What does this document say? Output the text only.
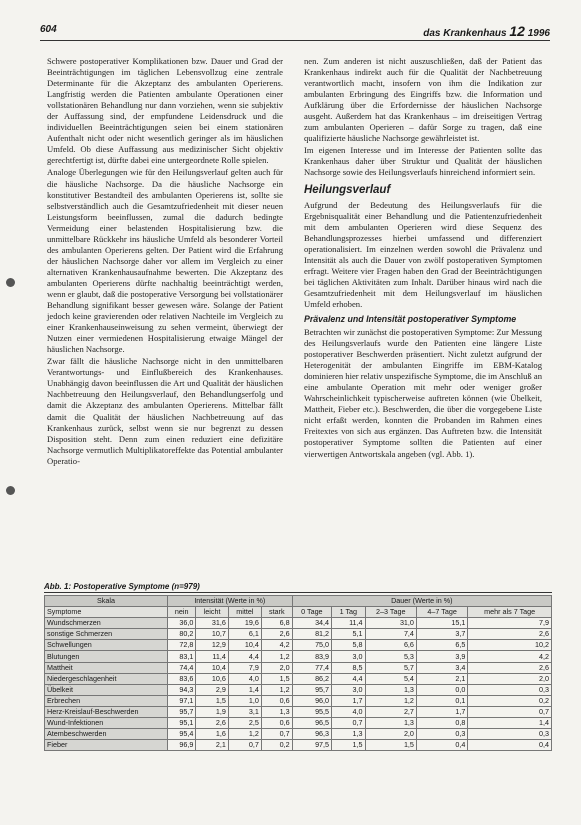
604	das Krankenhaus 12 1996

Schwere postoperativer Komplikationen bzw. Dauer und Grad der Beeinträchtigungen im täglichen Lebensvollzug eine zentrale Determinante für die Akzeptanz des ambulanten Operierens. Langfristig werden die Patienten ambulante Operationen einer vollstationären Behandlung nur dann vorziehen, wenn sie subjektiv der Auffassung sind, der empfundene Leidensdruck und die individuellen Beeinträchtigungen seien bei einem stationären Aufenthalt nicht oder nicht wesentlich geringer als im häuslichen Umfeld. Ob diese Auffassung aus medizinischer Sicht objektiv gerechtfertigt ist, dürfte dabei eine untergeordnete Rolle spielen.

Analoge Überlegungen wie für den Heilungsverlauf gelten auch für die häusliche Nachsorge. Da die häusliche Nachsorge ein konstitutiver Bestandteil des ambulanten Operierens ist, sollte sie selbstverständlich auch die Gesamtzufriedenheit mit dieser neuen Leistungsform beeinflussen, zumal die dadurch bedingte Vermeidung einer belastenden Hospitalisierung bzw. die unmittelbare Rückkehr ins häusliche Umfeld als besonderer Vorteil des ambulanten Operierens gelten. Der Patient wird die Erfahrung der häuslichen Nachsorge daher vor allem im Vergleich zu einer alternativen Krankenhausaufnahme bewerten. Die Akzeptanz des ambulanten Operierens dürfte nachhaltig beeinträchtigt werden, wenn er glaubt, daß die postoperative Versorgung bei vollstationärer Behandlung signifikant besser gewesen wäre. Solange der Patient jedoch keine gravierenden oder relativen Nachteile im Vergleich zu einer Krankenhauseinweisung zu sehen vermeint, überwiegt der Nutzen einer vermiedenen Hospitalisierung etwaige Mängel der häuslichen Nachsorge.

Zwar fällt die häusliche Nachsorge nicht in den unmittelbaren Verantwortungs- und Einflußbereich des Krankenhauses. Unabhängig davon beeinflussen die Art und Qualität der häuslichen Nachbetreuung den Heilungsverlauf, den Behandlungserfolg und damit die Akzeptanz des ambulanten Operierens. Mittelbar fällt damit die Qualität der häuslichen Nachbetreuung auf das Krankenhaus zurück, selbst wenn sie nur begrenzt zu dessen Disposition steht. Denn zum einen reduziert eine defizitäre Nachsorge vermutlich Multiplikatoreffekte das Potential ambulanter Operatio-

nen. Zum anderen ist nicht auszuschließen, daß der Patient das Krankenhaus indirekt auch für die Qualität der Nachbetreuung verantwortlich macht, insofern von ihm die Indikation zur ambulanten Erbringung des Eingriffs bzw. die Information und Aufklärung über die Erfordernisse der häuslichen Nachsorge ausgeht. Außerdem hat das Krankenhaus – im dreiseitigen Vertrag zum ambulanten Operieren – dafür Sorge zu tragen, daß eine qualifizierte häusliche Nachsorge gewährleistet ist.

Im eigenen Interesse und im Interesse der Patienten sollte das Krankenhaus daher über Struktur und Qualität der häuslichen Nachsorge sowie des Heilungsverlaufs hinreichend informiert sein.

Heilungsverlauf

Aufgrund der Bedeutung des Heilungsverlaufs für die Ergebnisqualität einer Behandlung und die Patientenzufriedenheit mit dem ambulanten Operieren wird diese Sequenz des Behandlungsprozesses hierbei umfassend und differenziert operationalisiert. Im einzelnen werden sowohl die Prävalenz und Intensität als auch die Dauer von zwölf postoperativen Symptomen erfragt. Weitere vier Fragen haben den Grad der Beeinträchtigungen bei täglichen Aktivitäten zum Inhalt. Darüber hinaus wird nach die Gesamtzufriedenheit mit dem Heilungsverlauf im häuslichen Umfeld erhoben.

Prävalenz und Intensität postoperativer Symptome

Betrachten wir zunächst die postoperativen Symptome: Zur Messung des Heilungsverlaufs wurde den Patienten eine längere Liste postoperativer Beschwerden präsentiert. Nicht zuletzt aufgrund der Heterogenität der ambulanten Eingriffe im EBM-Katalog dominieren hier relativ unspezifische Symptome, die im Anschluß an eine ambulante Operation mit mehr oder weniger großer Wahrscheinlichkeit typischerweise auftreten können (wie Übelkeit, Mattheit, Fieber etc.). Beschwerden, die über die vorgegebene Liste nicht erfaßt werden, konnten die Probanden im Rahmen eines Freitextes von sich aus ergänzen. Das Auftreten bzw. die Intensität postoperativer Symptome sollten die Patienten auf einer vierwertigen Antwortskala angeben (vgl. Abb. 1).

Abb. 1: Postoperative Symptome (n=979)
Skala	Intensität (Werte in %)				Dauer (Werte in %)				
Symptome	nein	leicht	mittel	stark	0 Tage	1 Tag	2–3 Tage	4–7 Tage	mehr als 7 Tage
Wundschmerzen	36,0	31,6	19,6	6,8	34,4	11,4	31,0	15,1	7,9
sonstige Schmerzen	80,2	10,7	6,1	2,6	81,2	5,1	7,4	3,7	2,6
Schwellungen	72,8	12,9	10,4	4,2	75,0	5,8	6,6	6,5	10,2
Blutungen	83,1	11,4	4,4	1,2	83,9	3,0	5,3	3,9	4,2
Mattheit	74,4	10,4	7,9	2,0	77,4	8,5	5,7	3,4	2,6
Niedergeschlagenheit	83,6	10,6	4,0	1,5	86,2	4,4	5,4	2,1	2,0
Übelkeit	94,3	2,9	1,4	1,2	95,7	3,0	1,3	0,0	0,3
Erbrechen	97,1	1,5	1,0	0,6	96,0	1,7	1,2	0,1	0,2
Herz-Kreislauf-Beschwerden	95,7	1,9	3,1	1,3	95,5	4,0	2,7	1,7	0,7
Wund-Infektionen	95,1	2,6	2,5	0,6	96,5	0,7	1,3	0,8	1,4
Atembeschwerden	95,4	1,6	1,2	0,7	96,3	1,3	2,0	0,3	0,3
Fieber	96,9	2,1	0,7	0,2	97,5	1,5	1,5	0,4	0,4
